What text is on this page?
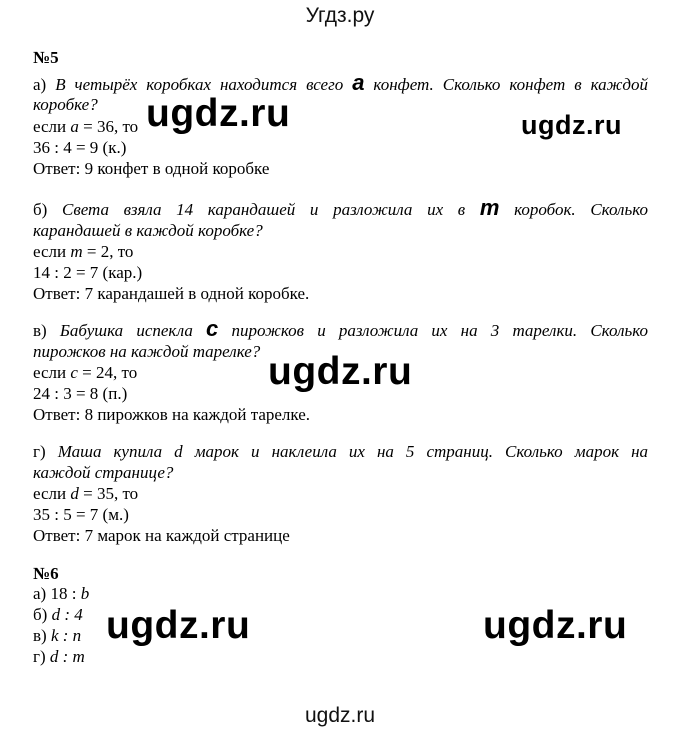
Угдз.ру
№5
а) В четырёх коробках находится всего a конфет. Сколько конфет в каждой
коробке?
если a = 36, то
36 : 4 = 9 (к.)
Ответ: 9 конфет в одной коробке
б) Света взяла 14 карандашей и разложила их в m коробок. Сколько
карандашей в каждой коробке?
если m = 2, то
14 : 2 = 7 (кар.)
Ответ: 7 карандашей в одной коробке.
в) Бабушка испекла c пирожков и разложила их на 3 тарелки. Сколько
пирожков на каждой тарелке?
если c = 24, то
24 : 3 = 8 (п.)
Ответ: 8 пирожков на каждой тарелке.
г) Маша купила d марок и наклеила их на 5 страниц. Сколько марок на
каждой странице?
если d = 35, то
35 : 5 = 7 (м.)
Ответ: 7 марок на каждой странице
№6
а) 18 : b
б) d : 4
в) k : n
г) d : m
ugdz.ru	ugdz.ru
ugdz.ru
ugdz.ru	ugdz.ru
ugdz.ru
